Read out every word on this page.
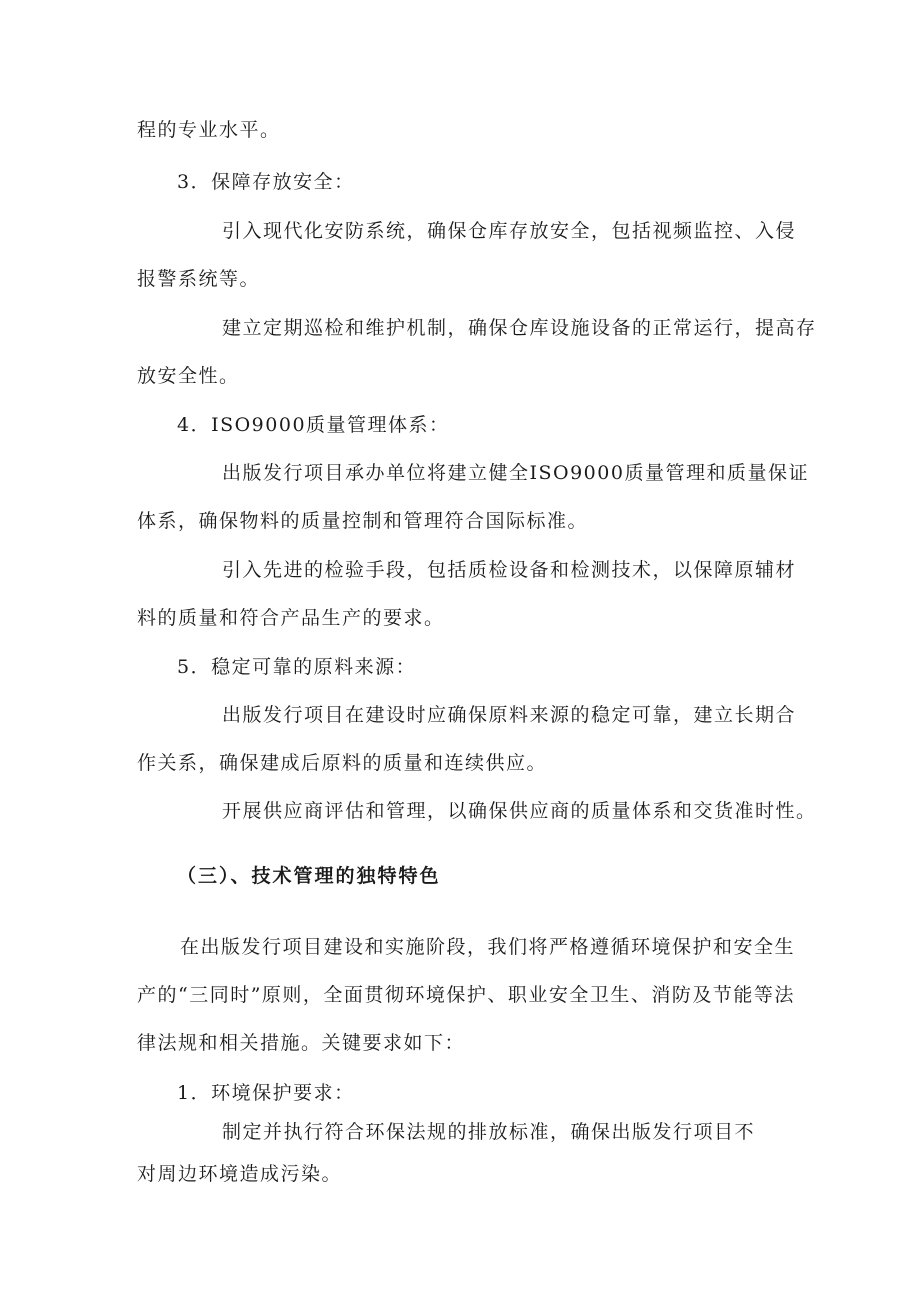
程的专业水平。
3．保障存放安全：
引入现代化安防系统，确保仓库存放安全，包括视频监控、入侵
报警系统等。
建立定期巡检和维护机制，确保仓库设施设备的正常运行，提高存
放安全性。
4．ISO9000质量管理体系：
出版发行项目承办单位将建立健全ISO9000质量管理和质量保证
体系，确保物料的质量控制和管理符合国际标准。
引入先进的检验手段，包括质检设备和检测技术，以保障原辅材
料的质量和符合产品生产的要求。
5．稳定可靠的原料来源：
出版发行项目在建设时应确保原料来源的稳定可靠，建立长期合
作关系，确保建成后原料的质量和连续供应。
开展供应商评估和管理，以确保供应商的质量体系和交货准时性。
（三）、技术管理的独特特色
在出版发行项目建设和实施阶段，我们将严格遵循环境保护和安全生
产的“三同时”原则，全面贯彻环境保护、职业安全卫生、消防及节能等法
律法规和相关措施。关键要求如下：
1．环境保护要求：
制定并执行符合环保法规的排放标准，确保出版发行项目不
对周边环境造成污染。
